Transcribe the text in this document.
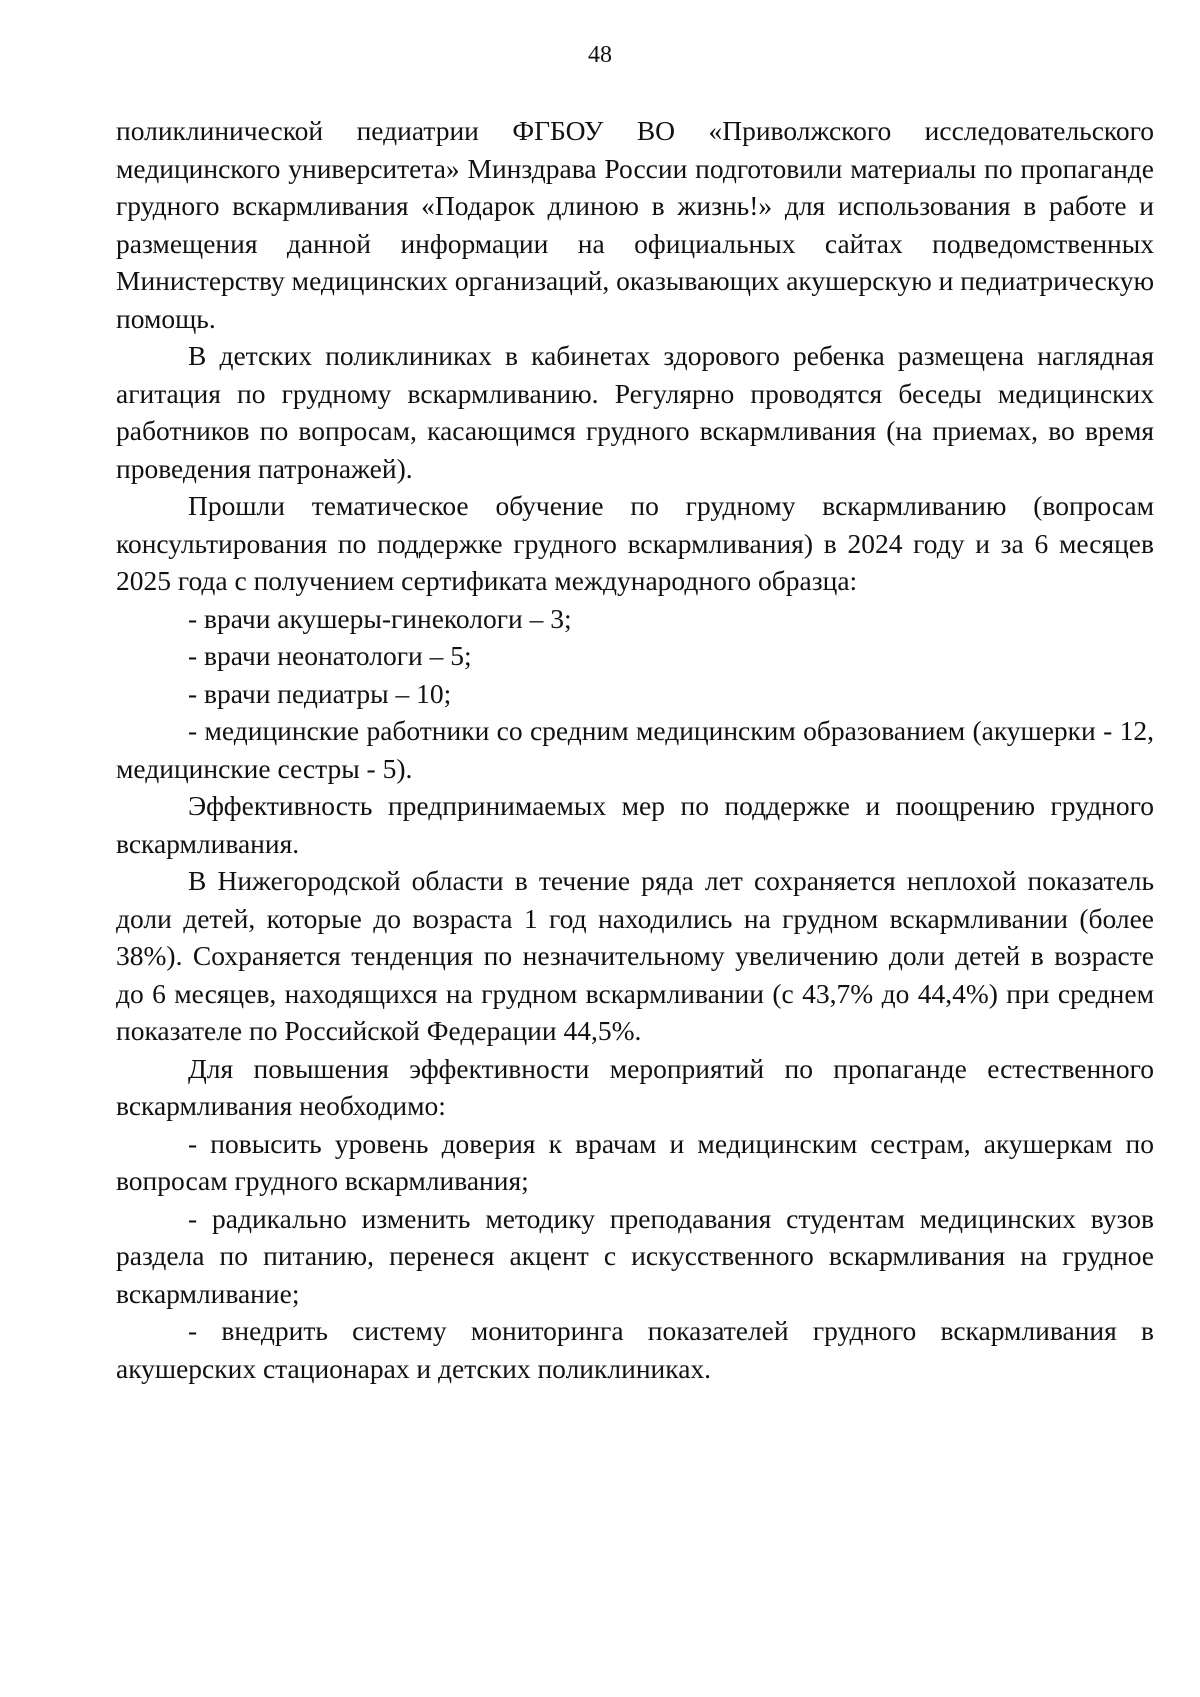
48

поликлинической педиатрии ФГБОУ ВО «Приволжского исследовательского медицинского университета» Минздрава России подготовили материалы по пропаганде грудного вскармливания «Подарок длиною в жизнь!» для использования в работе и размещения данной информации на официальных сайтах подведомственных Министерству медицинских организаций, оказывающих акушерскую и педиатрическую помощь.

В детских поликлиниках в кабинетах здорового ребенка размещена наглядная агитация по грудному вскармливанию. Регулярно проводятся беседы медицинских работников по вопросам, касающимся грудного вскармливания (на приемах, во время проведения патронажей).

Прошли тематическое обучение по грудному вскармливанию (вопросам консультирования по поддержке грудного вскармливания) в 2024 году и за 6 месяцев 2025 года с получением сертификата международного образца:

- врачи акушеры-гинекологи – 3;

- врачи неонатологи – 5;

- врачи педиатры – 10;

- медицинские работники со средним медицинским образованием (акушерки - 12, медицинские сестры - 5).

Эффективность предпринимаемых мер по поддержке и поощрению грудного вскармливания.

В Нижегородской области в течение ряда лет сохраняется неплохой показатель доли детей, которые до возраста 1 год находились на грудном вскармливании (более 38%). Сохраняется тенденция по незначительному увеличению доли детей в возрасте до 6 месяцев, находящихся на грудном вскармливании (с 43,7% до 44,4%) при среднем показателе по Российской Федерации 44,5%.

Для повышения эффективности мероприятий по пропаганде естественного вскармливания необходимо:

- повысить уровень доверия к врачам и медицинским сестрам, акушеркам по вопросам грудного вскармливания;

- радикально изменить методику преподавания студентам медицинских вузов раздела по питанию, перенеся акцент с искусственного вскармливания на грудное вскармливание;

- внедрить систему мониторинга показателей грудного вскармливания в акушерских стационарах и детских поликлиниках.
